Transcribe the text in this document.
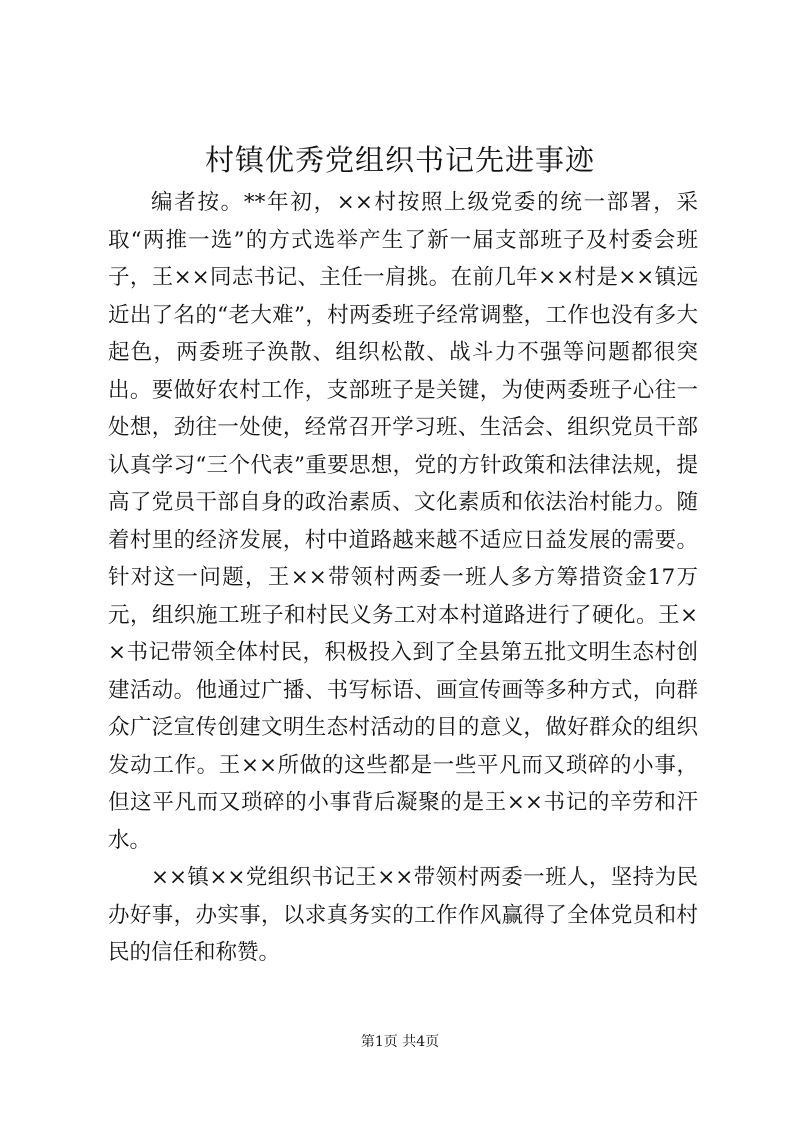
村镇优秀党组织书记先进事迹

编者按。**年初，××村按照上级党委的统一部署，采取“两推一选”的方式选举产生了新一届支部班子及村委会班子，王××同志书记、主任一肩挑。在前几年××村是××镇远近出了名的“老大难”，村两委班子经常调整，工作也没有多大起色，两委班子涣散、组织松散、战斗力不强等问题都很突出。要做好农村工作，支部班子是关键，为使两委班子心往一处想，劲往一处使，经常召开学习班、生活会、组织党员干部认真学习“三个代表”重要思想，党的方针政策和法律法规，提高了党员干部自身的政治素质、文化素质和依法治村能力。随着村里的经济发展，村中道路越来越不适应日益发展的需要。针对这一问题，王××带领村两委一班人多方筹措资金17万元，组织施工班子和村民义务工对本村道路进行了硬化。王××书记带领全体村民，积极投入到了全县第五批文明生态村创建活动。他通过广播、书写标语、画宣传画等多种方式，向群众广泛宣传创建文明生态村活动的目的意义，做好群众的组织发动工作。王××所做的这些都是一些平凡而又琐碎的小事，但这平凡而又琐碎的小事背后凝聚的是王××书记的辛劳和汗水。

××镇××党组织书记王××带领村两委一班人，坚持为民办好事，办实事，以求真务实的工作作风赢得了全体党员和村民的信任和称赞。

第1页 共4页
